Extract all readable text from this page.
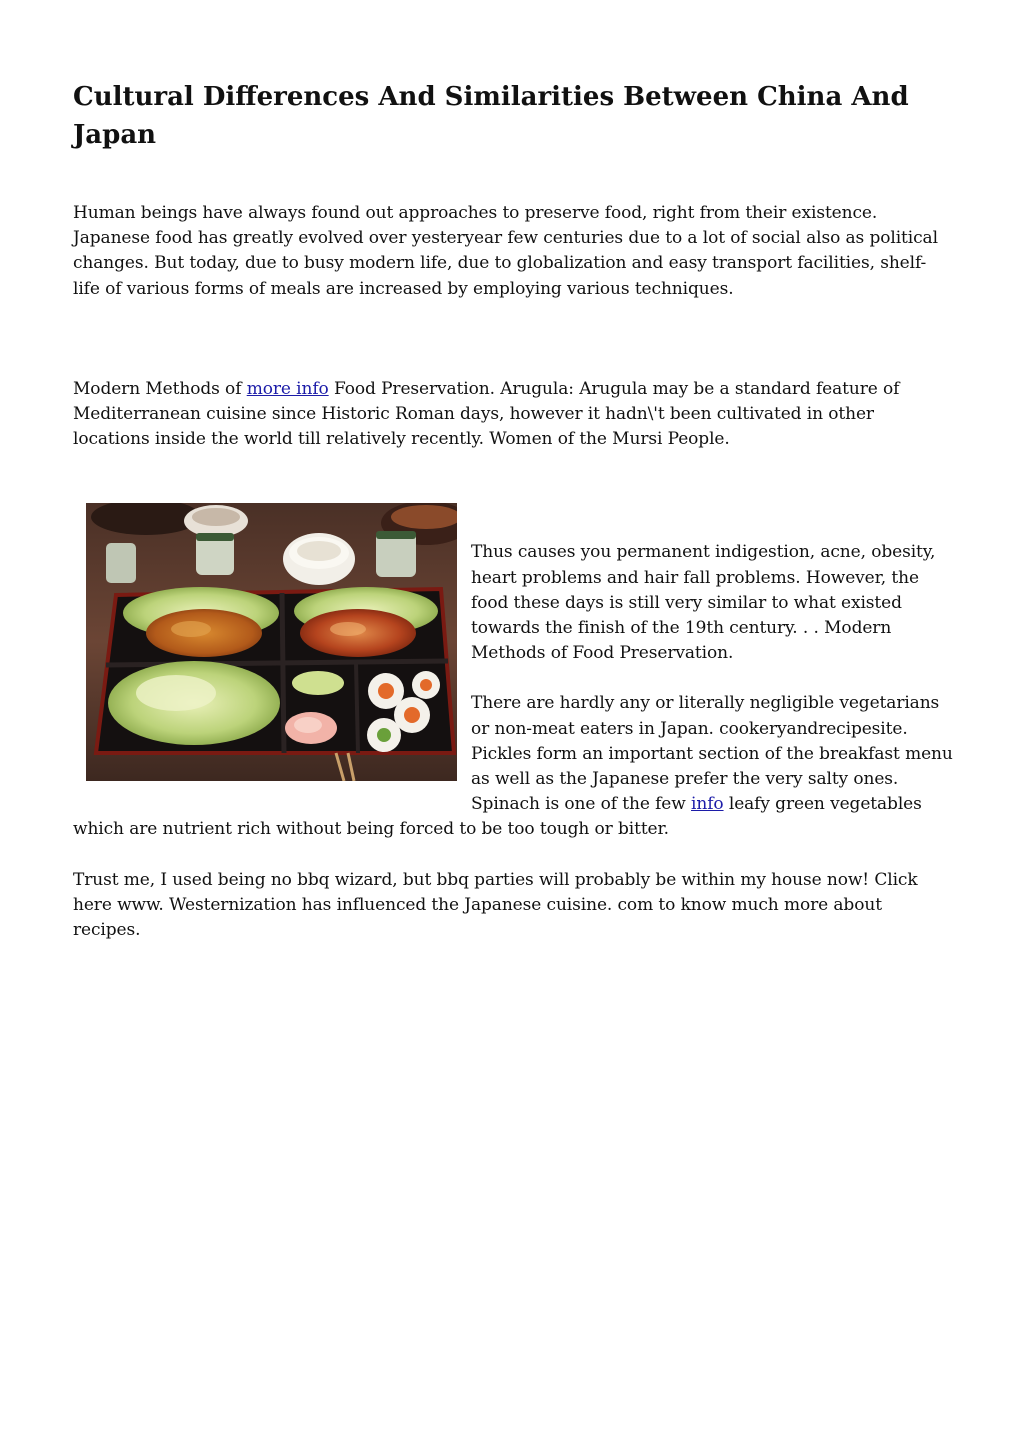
Cultural Differences And Similarities Between China And Japan

Human beings have always found out approaches to preserve food, right from their existence. Japanese food has greatly evolved over yesteryear few centuries due to a lot of social also as political changes. But today, due to busy modern life, due to globalization and easy transport facilities, shelf-life of various forms of meals are increased by employing various techniques.

Modern Methods of more info Food Preservation. Arugula: Arugula may be a standard feature of Mediterranean cuisine since Historic Roman days, however it hadn\'t been cultivated in other locations inside the world till relatively recently. Women of the Mursi People.

Thus causes you permanent indigestion, acne, obesity, heart problems and hair fall problems. However, the food these days is still very similar to what existed towards the finish of the 19th century. . . Modern Methods of Food Preservation.

There are hardly any or literally negligible vegetarians or non-meat eaters in Japan. cookeryandrecipesite. Pickles form an important section of the breakfast menu as well as the Japanese prefer the very salty ones. Spinach is one of the few info leafy green vegetables which are nutrient rich without being forced to be too tough or bitter.

Trust me, I used being no bbq wizard, but bbq parties will probably be within my house now! Click here www. Westernization has influenced the Japanese cuisine. com to know much more about recipes.
